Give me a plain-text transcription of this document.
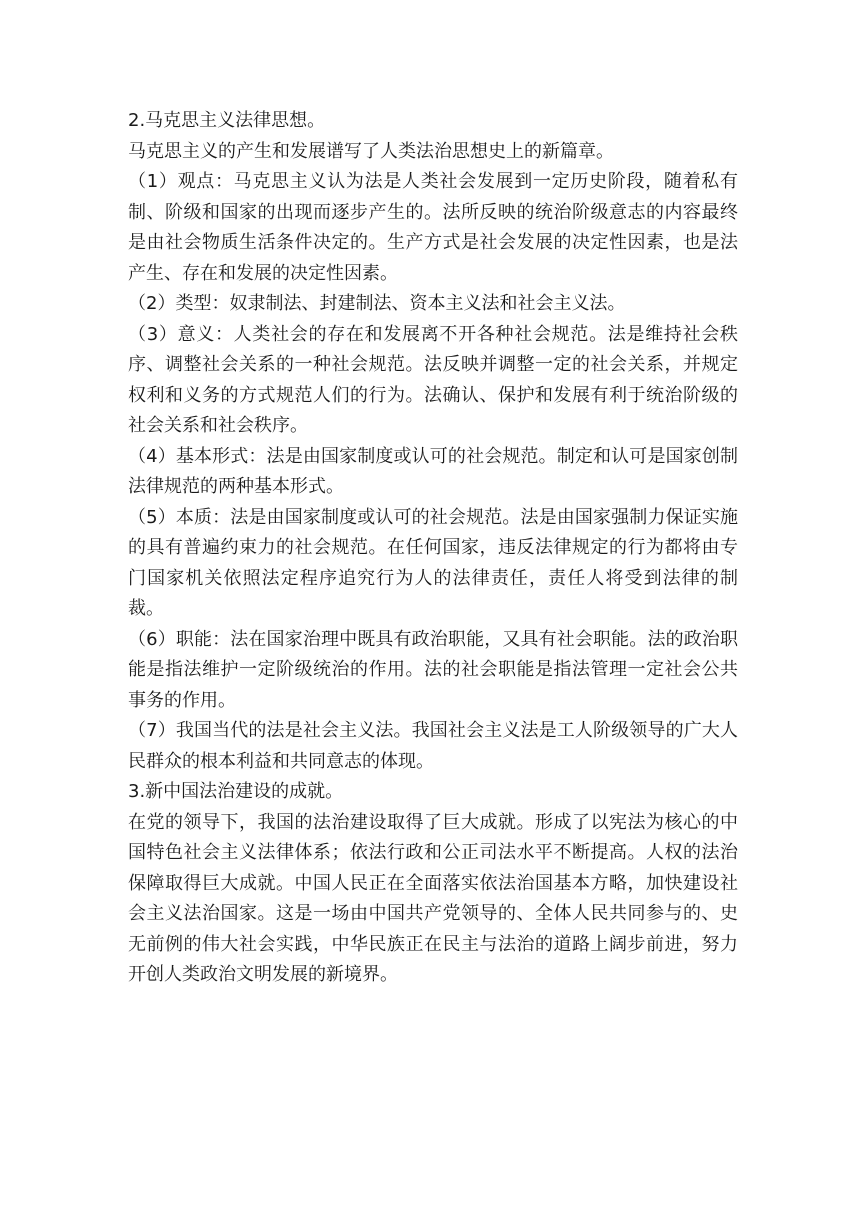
2.马克思主义法律思想。

马克思主义的产生和发展谱写了人类法治思想史上的新篇章。

（1）观点：马克思主义认为法是人类社会发展到一定历史阶段，随着私有制、阶级和国家的出现而逐步产生的。法所反映的统治阶级意志的内容最终是由社会物质生活条件决定的。生产方式是社会发展的决定性因素，也是法产生、存在和发展的决定性因素。

（2）类型：奴隶制法、封建制法、资本主义法和社会主义法。

（3）意义：人类社会的存在和发展离不开各种社会规范。法是维持社会秩序、调整社会关系的一种社会规范。法反映并调整一定的社会关系，并规定权利和义务的方式规范人们的行为。法确认、保护和发展有利于统治阶级的社会关系和社会秩序。

（4）基本形式：法是由国家制度或认可的社会规范。制定和认可是国家创制法律规范的两种基本形式。

（5）本质：法是由国家制度或认可的社会规范。法是由国家强制力保证实施的具有普遍约束力的社会规范。在任何国家，违反法律规定的行为都将由专门国家机关依照法定程序追究行为人的法律责任，责任人将受到法律的制裁。

（6）职能：法在国家治理中既具有政治职能，又具有社会职能。法的政治职能是指法维护一定阶级统治的作用。法的社会职能是指法管理一定社会公共事务的作用。

（7）我国当代的法是社会主义法。我国社会主义法是工人阶级领导的广大人民群众的根本利益和共同意志的体现。

3.新中国法治建设的成就。

在党的领导下，我国的法治建设取得了巨大成就。形成了以宪法为核心的中国特色社会主义法律体系；依法行政和公正司法水平不断提高。人权的法治保障取得巨大成就。中国人民正在全面落实依法治国基本方略，加快建设社会主义法治国家。这是一场由中国共产党领导的、全体人民共同参与的、史无前例的伟大社会实践，中华民族正在民主与法治的道路上阔步前进，努力开创人类政治文明发展的新境界。
